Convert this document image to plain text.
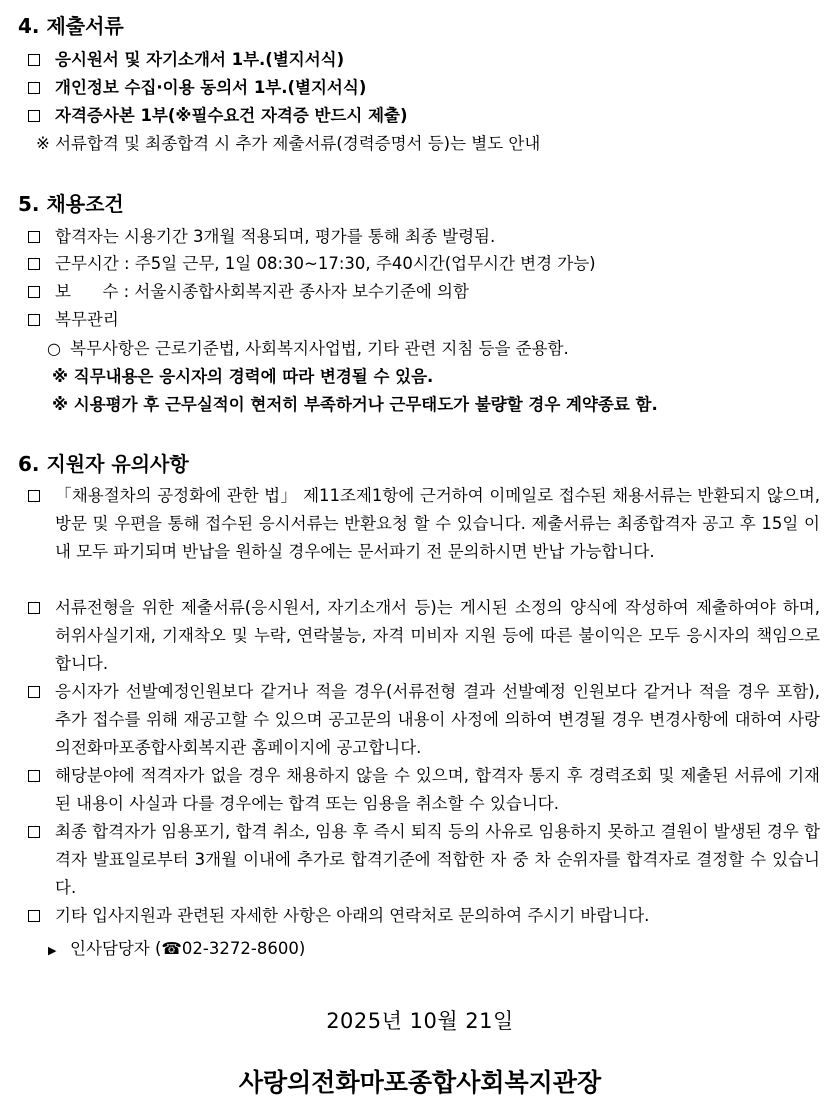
4. 제출서류
응시원서 및 자기소개서 1부.(별지서식)
개인정보 수집·이용 동의서 1부.(별지서식)
자격증사본 1부(※필수요건 자격증 반드시 제출)
※ 서류합격 및 최종합격 시 추가 제출서류(경력증명서 등)는 별도 안내
5. 채용조건
합격자는 시용기간 3개월 적용되며, 평가를 통해 최종 발령됨.
근무시간 : 주5일 근무, 1일 08:30~17:30, 주40시간(업무시간 변경 가능)
보      수 : 서울시종합사회복지관 종사자 보수기준에 의함
복무관리
○ 복무사항은 근로기준법, 사회복지사업법, 기타 관련 지침 등을 준용함.
※ 직무내용은 응시자의 경력에 따라 변경될 수 있음.
※ 시용평가 후 근무실적이 현저히 부족하거나 근무태도가 불량할 경우 계약종료 함.
6. 지원자 유의사항
「채용절차의 공정화에 관한 법」 제11조제1항에 근거하여 이메일로 접수된 채용서류는 반환되지 않으며, 방문 및 우편을 통해 접수된 응시서류는 반환요청 할 수 있습니다. 제출서류는 최종합격자 공고 후 15일 이내 모두 파기되며 반납을 원하실 경우에는 문서파기 전 문의하시면 반납 가능합니다.
서류전형을 위한 제출서류(응시원서, 자기소개서 등)는 게시된 소정의 양식에 작성하여 제출하여야 하며, 허위사실기재, 기재착오 및 누락, 연락불능, 자격 미비자 지원 등에 따른 불이익은 모두 응시자의 책임으로 합니다.
응시자가 선발예정인원보다 같거나 적을 경우(서류전형 결과 선발예정 인원보다 같거나 적을 경우 포함), 추가 접수를 위해 재공고할 수 있으며 공고문의 내용이 사정에 의하여 변경될 경우 변경사항에 대하여 사랑의전화마포종합사회복지관 홈페이지에 공고합니다.
해당분야에 적격자가 없을 경우 채용하지 않을 수 있으며, 합격자 통지 후 경력조회 및 제출된 서류에 기재된 내용이 사실과 다를 경우에는 합격 또는 임용을 취소할 수 있습니다.
최종 합격자가 임용포기, 합격 취소, 임용 후 즉시 퇴직 등의 사유로 임용하지 못하고 결원이 발생된 경우 합격자 발표일로부터 3개월 이내에 추가로 합격기준에 적합한 자 중 차 순위자를 합격자로 결정할 수 있습니다.
기타 입사지원과 관련된 자세한 사항은 아래의 연락처로 문의하여 주시기 바랍니다.
▶ 인사담당자 (☎02-3272-8600)
2025년 10월 21일
사랑의전화마포종합사회복지관장
